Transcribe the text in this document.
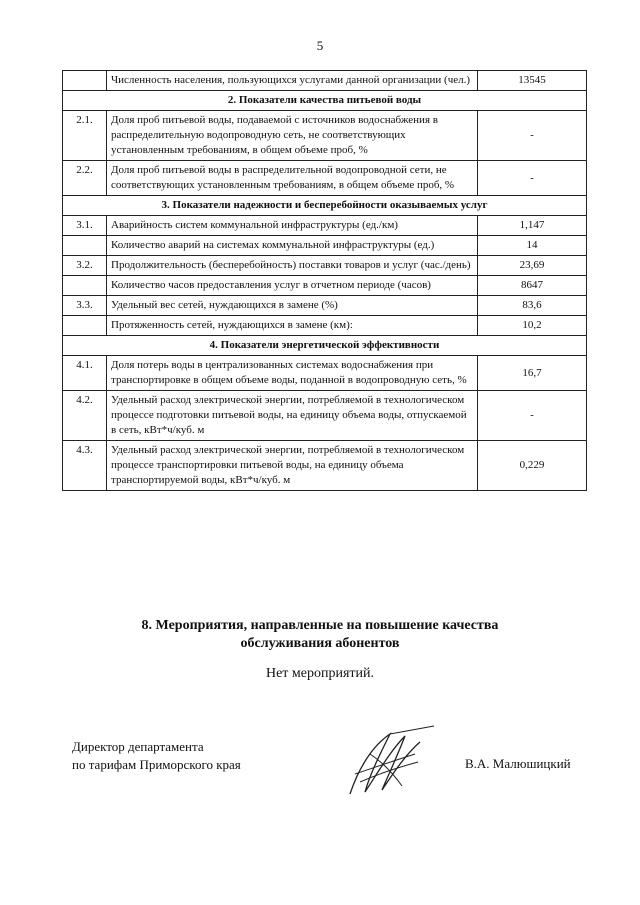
5
	Численность населения, пользующихся услугами данной организации (чел.)	13545
2. Показатели качества питьевой воды		
2.1.	Доля проб питьевой воды, подаваемой с источников водоснабжения в распределительную водопроводную сеть, не соответствующих установленным требованиям, в общем объеме проб, %	-
2.2.	Доля проб питьевой воды в распределительной водопроводной сети, не соответствующих установленным требованиям, в общем объеме проб, %	-
3. Показатели надежности и бесперебойности оказываемых услуг		
3.1.	Аварийность систем коммунальной инфраструктуры (ед./км)	1,147
	Количество аварий на системах коммунальной инфраструктуры (ед.)	14
3.2.	Продолжительность (бесперебойность) поставки товаров и услуг (час./день)	23,69
	Количество часов предоставления услуг в отчетном периоде (часов)	8647
3.3.	Удельный вес сетей, нуждающихся в замене (%)	83,6
	Протяженность сетей, нуждающихся в замене (км):	10,2
4. Показатели энергетической эффективности		
4.1.	Доля потерь воды в централизованных системах водоснабжения при транспортировке в общем объеме воды, поданной в водопроводную сеть, %	16,7
4.2.	Удельный расход электрической энергии, потребляемой в технологическом процессе подготовки питьевой воды, на единицу объема воды, отпускаемой в сеть, кВт*ч/куб. м	-
4.3.	Удельный расход электрической энергии, потребляемой в технологическом процессе транспортировки питьевой воды, на единицу объема транспортируемой воды, кВт*ч/куб. м	0,229
8. Мероприятия, направленные на повышение качества
обслуживания абонентов
Нет мероприятий.
Директор департамента
по тарифам Приморского края	В.А. Малюшицкий
